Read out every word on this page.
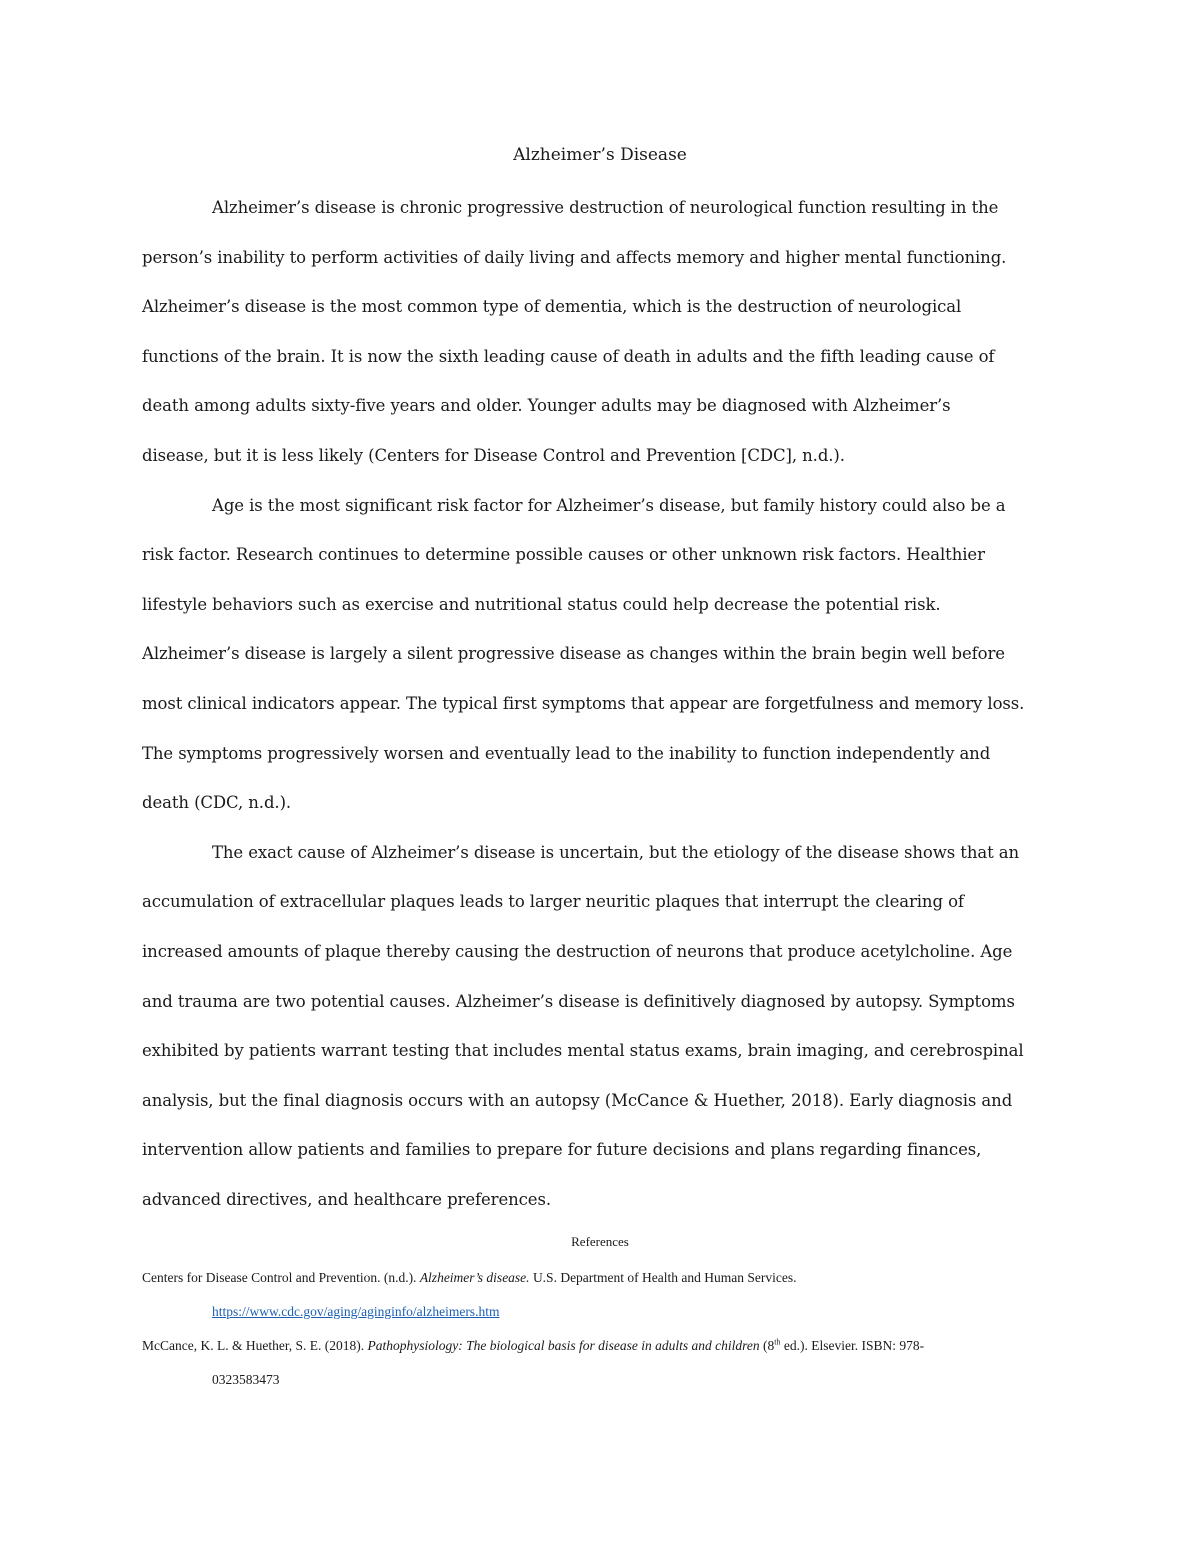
Alzheimer’s Disease

Alzheimer’s disease is chronic progressive destruction of neurological function resulting in the
person’s inability to perform activities of daily living and affects memory and higher mental functioning.
Alzheimer’s disease is the most common type of dementia, which is the destruction of neurological
functions of the brain. It is now the sixth leading cause of death in adults and the fifth leading cause of
death among adults sixty-five years and older. Younger adults may be diagnosed with Alzheimer’s
disease, but it is less likely (Centers for Disease Control and Prevention [CDC], n.d.).

Age is the most significant risk factor for Alzheimer’s disease, but family history could also be a
risk factor. Research continues to determine possible causes or other unknown risk factors. Healthier
lifestyle behaviors such as exercise and nutritional status could help decrease the potential risk.
Alzheimer’s disease is largely a silent progressive disease as changes within the brain begin well before
most clinical indicators appear. The typical first symptoms that appear are forgetfulness and memory loss.
The symptoms progressively worsen and eventually lead to the inability to function independently and
death (CDC, n.d.).

The exact cause of Alzheimer’s disease is uncertain, but the etiology of the disease shows that an
accumulation of extracellular plaques leads to larger neuritic plaques that interrupt the clearing of
increased amounts of plaque thereby causing the destruction of neurons that produce acetylcholine. Age
and trauma are two potential causes. Alzheimer’s disease is definitively diagnosed by autopsy. Symptoms
exhibited by patients warrant testing that includes mental status exams, brain imaging, and cerebrospinal
analysis, but the final diagnosis occurs with an autopsy (McCance & Huether, 2018). Early diagnosis and
intervention allow patients and families to prepare for future decisions and plans regarding finances,
advanced directives, and healthcare preferences.

References
Centers for Disease Control and Prevention. (n.d.). Alzheimer’s disease. U.S. Department of Health and Human Services.
https://www.cdc.gov/aging/aginginfo/alzheimers.htm
McCance, K. L. & Huether, S. E. (2018). Pathophysiology: The biological basis for disease in adults and children (8th ed.). Elsevier. ISBN: 978-
0323583473
